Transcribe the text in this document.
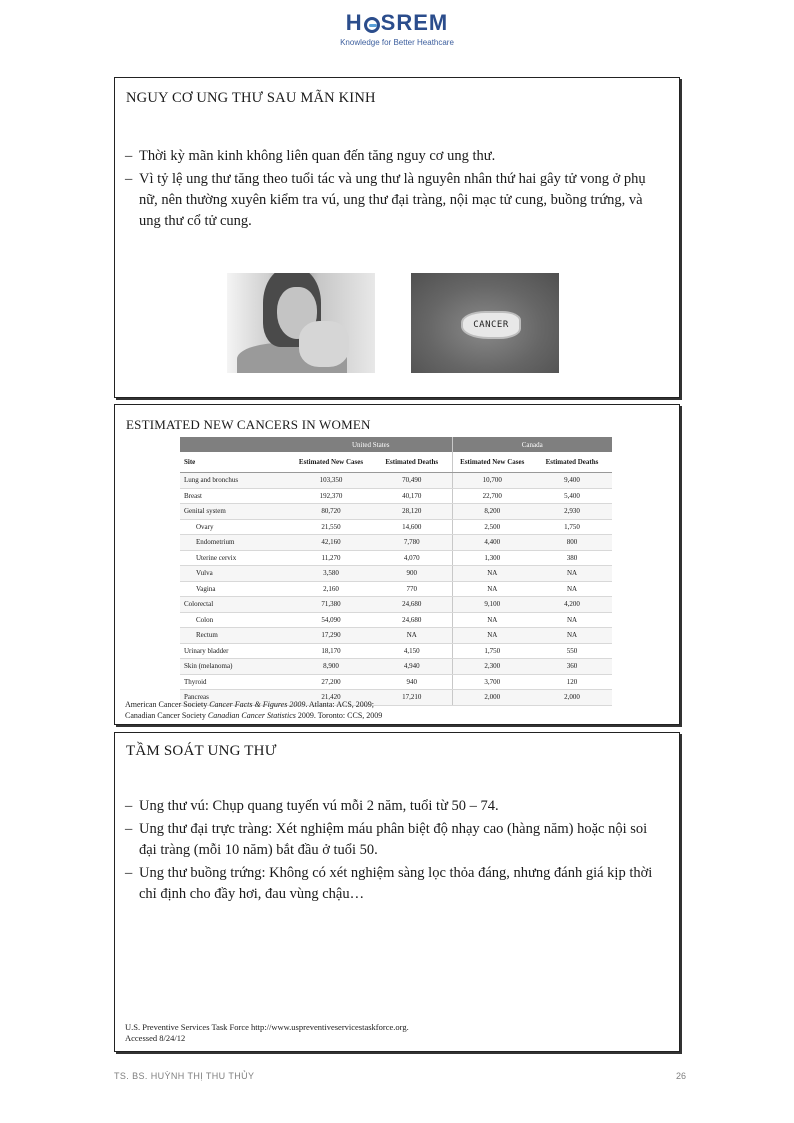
H SREM
Knowledge for Better Heathcare
NGUY CƠ UNG THƯ SAU MÃN KINH
– Thời kỳ mãn kinh không liên quan đến tăng nguy cơ ung thư.
– Vì tỷ lệ ung thư tăng theo tuổi tác và ung thư là nguyên nhân thứ hai gây tử vong ở phụ nữ, nên thường xuyên kiểm tra vú, ung thư đại tràng, nội mạc tử cung, buồng trứng, và ung thư cổ tử cung.
CANCER
ESTIMATED NEW CANCERS IN WOMEN
	United States		Canada	
Site	Estimated New Cases	Estimated Deaths	Estimated New Cases	Estimated Deaths
Lung and bronchus	103,350	70,490	10,700	9,400
Breast	192,370	40,170	22,700	5,400
Genital system	80,720	28,120	8,200	2,930
Ovary	21,550	14,600	2,500	1,750
Endometrium	42,160	7,780	4,400	800
Uterine cervix	11,270	4,070	1,300	380
Vulva	3,580	900	NA	NA
Vagina	2,160	770	NA	NA
Colorectal	71,380	24,680	9,100	4,200
Colon	54,090	24,680	NA	NA
Rectum	17,290	NA	NA	NA
Urinary bladder	18,170	4,150	1,750	550
Skin (melanoma)	8,900	4,940	2,300	360
Thyroid	27,200	940	3,700	120
Pancreas	21,420	17,210	2,000	2,000
American Cancer Society Cancer Facts & Figures 2009. Atlanta: ACS, 2009;
Canadian Cancer Society Canadian Cancer Statistics 2009. Toronto: CCS, 2009
TẦM SOÁT UNG THƯ
– Ung thư vú: Chụp quang tuyến vú mỗi 2 năm, tuổi từ 50 – 74.
– Ung thư đại trực tràng: Xét nghiệm máu phân biệt độ nhạy cao (hàng năm) hoặc nội soi đại tràng (mỗi 10 năm) bắt đầu ở tuổi 50.
– Ung thư buồng trứng: Không có xét nghiệm sàng lọc thỏa đáng, nhưng đánh giá kịp thời chỉ định cho đầy hơi, đau vùng chậu…
U.S. Preventive Services Task Force http://www.uspreventiveservicestaskforce.org.
Accessed 8/24/12
TS. BS. HUỲNH THỊ THU THỦY	26
